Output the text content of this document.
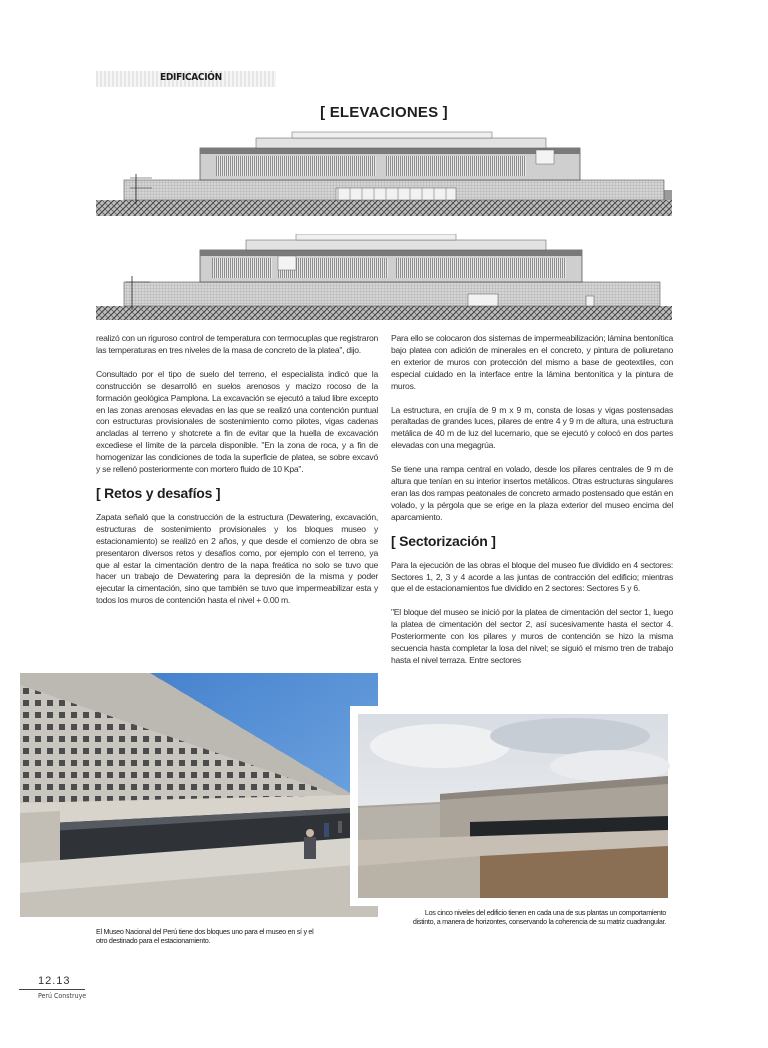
EDIFICACIÓN
[ ELEVACIONES ]

realizó con un riguroso control de temperatura con termocuplas que registraron las temperaturas en tres niveles de la masa de concreto de la platea", dijo.

Consultado por el tipo de suelo del terreno, el especialista indicó que la construcción se desarrolló en suelos arenosos y macizo rocoso de la formación geológica Pamplona. La excavación se ejecutó a talud libre excepto en las zonas arenosas elevadas en las que se realizó una contención puntual con estructuras provisionales de sostenimiento como pilotes, vigas cadenas ancladas al terreno y shotcrete a fin de evitar que la huella de excavación excediese el límite de la parcela disponible. "En la zona de roca, y a fin de homogenizar las condiciones de toda la superficie de platea, se sobre excavó y se rellenó posteriormente con mortero fluido de 10 Kpa".

[ Retos y desafíos ]

Zapata señaló que la construcción de la estructura (Dewatering, excavación, estructuras de sostenimiento provisionales y los bloques museo y estacionamiento) se realizó en 2 años, y que desde el comienzo de obra se presentaron diversos retos y desafíos como, por ejemplo con el terreno, ya que al estar la cimentación dentro de la napa freática no solo se tuvo que hacer un trabajo de Dewatering para la depresión de la misma y poder ejecutar la cimentación, sino que también se tuvo que impermeabilizar esta y todos los muros de contención hasta el nivel + 0.00 m.

Para ello se colocaron dos sistemas de impermeabilización; lámina bentonítica bajo platea con adición de minerales en el concreto, y pintura de poliuretano en exterior de muros con protección del mismo a base de geotextiles, con especial cuidado en la interface entre la lámina bentonítica y la pintura de muros.

La estructura, en crujía de 9 m x 9 m, consta de losas y vigas postensadas peraltadas de grandes luces, pilares de entre 4 y 9 m de altura, una estructura metálica de 40 m de luz del lucernario, que se ejecutó y colocó en dos partes elevadas con una megagrúa.

Se tiene una rampa central en volado, desde los pilares centrales de 9 m de altura que tenían en su interior insertos metálicos. Otras estructuras singulares eran las dos rampas peatonales de concreto armado postensado que están en volado, y la pérgola que se erige en la plaza exterior del museo encima del aparcamiento.

[ Sectorización ]

Para la ejecución de las obras el bloque del museo fue dividido en 4 sectores: Sectores 1, 2, 3 y 4 acorde a las juntas de contracción del edificio; mientras que el de estacionamientos fue dividido en 2 sectores: Sectores 5 y 6.

"El bloque del museo se inició por la platea de cimentación del sector 1, luego la platea de cimentación del sector 2, así sucesivamente hasta el sector 4. Posteriormente con los pilares y muros de contención se hizo la misma secuencia hasta completar la losa del nivel; se siguió el mismo tren de trabajo hasta el nivel terraza. Entre sectores

El Museo Nacional del Perú tiene dos bloques uno para el museo en sí y el otro destinado para el estacionamiento.
Los cinco niveles del edificio tienen en cada una de sus plantas un comportamiento distinto, a manera de horizontes, conservando la coherencia de su matriz cuadrangular.
12.13
Perú Construye
